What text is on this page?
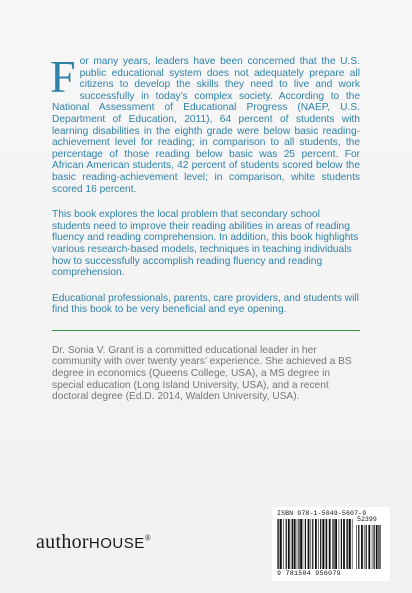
For many years, leaders have been concerned that the U.S. public educational system does not adequately prepare all citizens to develop the skills they need to live and work successfully in today’s complex society. According to the National Assessment of Educational Progress (NAEP, U.S. Department of Education, 2011), 64 percent of students with learning disabilities in the eighth grade were below basic reading-achievement level for reading; in comparison to all students, the percentage of those reading below basic was 25 percent. For African American students, 42 percent of students scored below the basic reading-achievement level; in comparison, white students scored 16 percent.

This book explores the local problem that secondary school students need to improve their reading abilities in areas of reading fluency and reading comprehension. In addition, this book highlights various research-based models, techniques in teaching individuals how to successfully accomplish reading fluency and reading comprehension.

Educational professionals, parents, care providers, and students will find this book to be very beneficial and eye opening.

Dr. Sonia V. Grant is a committed educational leader in her community with over twenty years’ experience. She achieved a BS degree in economics (Queens College, USA), a MS degree in special education (Long Island University, USA), and a recent doctoral degree (Ed.D. 2014, Walden University, USA).

authorHOUSE®
ISBN 978-1-5049-5607-9
52399
9 781504 956079
